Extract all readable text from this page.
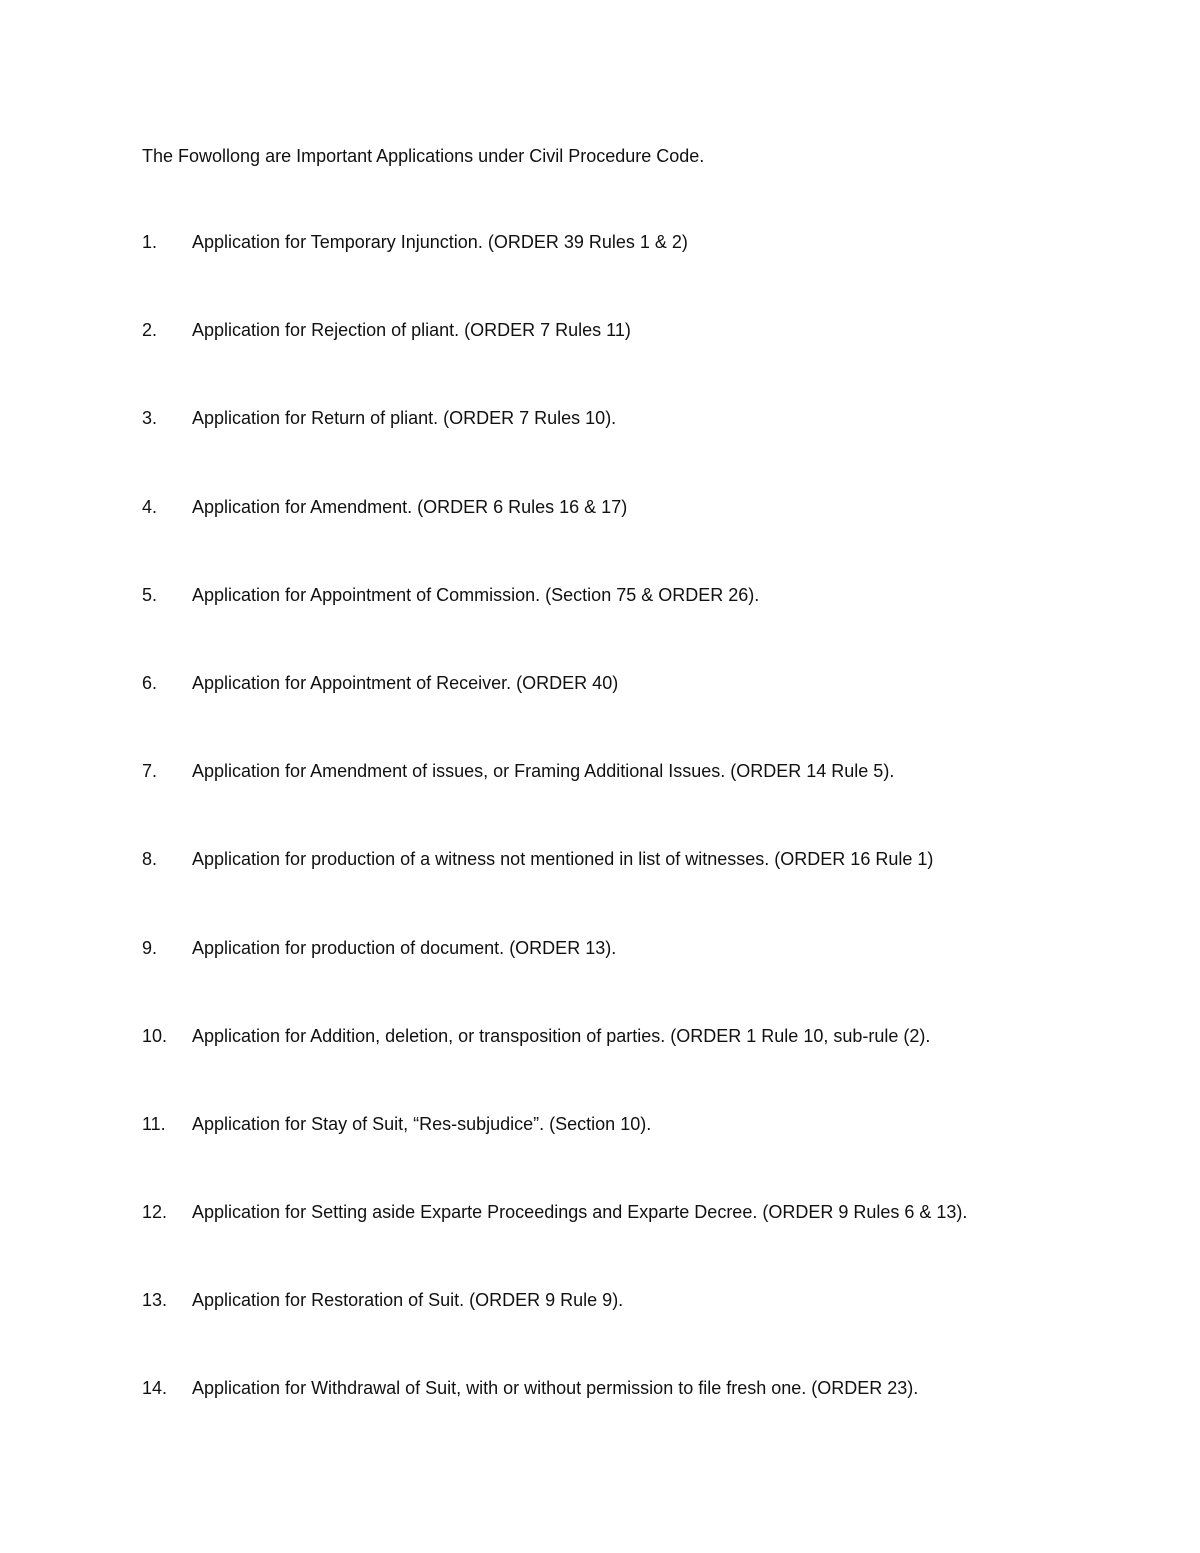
The Fowollong are Important Applications under Civil Procedure Code.
1.	Application for Temporary Injunction. (ORDER 39 Rules 1 & 2)
2.	Application for Rejection of pliant. (ORDER 7 Rules 11)
3.	Application for Return of pliant. (ORDER 7 Rules 10).
4.	Application for Amendment. (ORDER 6 Rules 16 & 17)
5.	Application for Appointment of Commission. (Section 75 & ORDER 26).
6.	Application for Appointment of Receiver. (ORDER 40)
7.	Application for Amendment of issues, or Framing Additional Issues. (ORDER 14 Rule 5).
8.	Application for production of a witness not mentioned in list of witnesses. (ORDER 16 Rule 1)
9.	Application for production of document. (ORDER 13).
10.	Application for Addition, deletion, or transposition of parties. (ORDER 1 Rule 10, sub-rule (2).
11.	Application for Stay of Suit, “Res-subjudice”. (Section 10).
12.	Application for Setting aside Exparte Proceedings and Exparte Decree. (ORDER 9 Rules 6 & 13).
13.	Application for Restoration of Suit. (ORDER 9 Rule 9).
14.	Application for Withdrawal of Suit, with or without permission to file fresh one. (ORDER 23).
